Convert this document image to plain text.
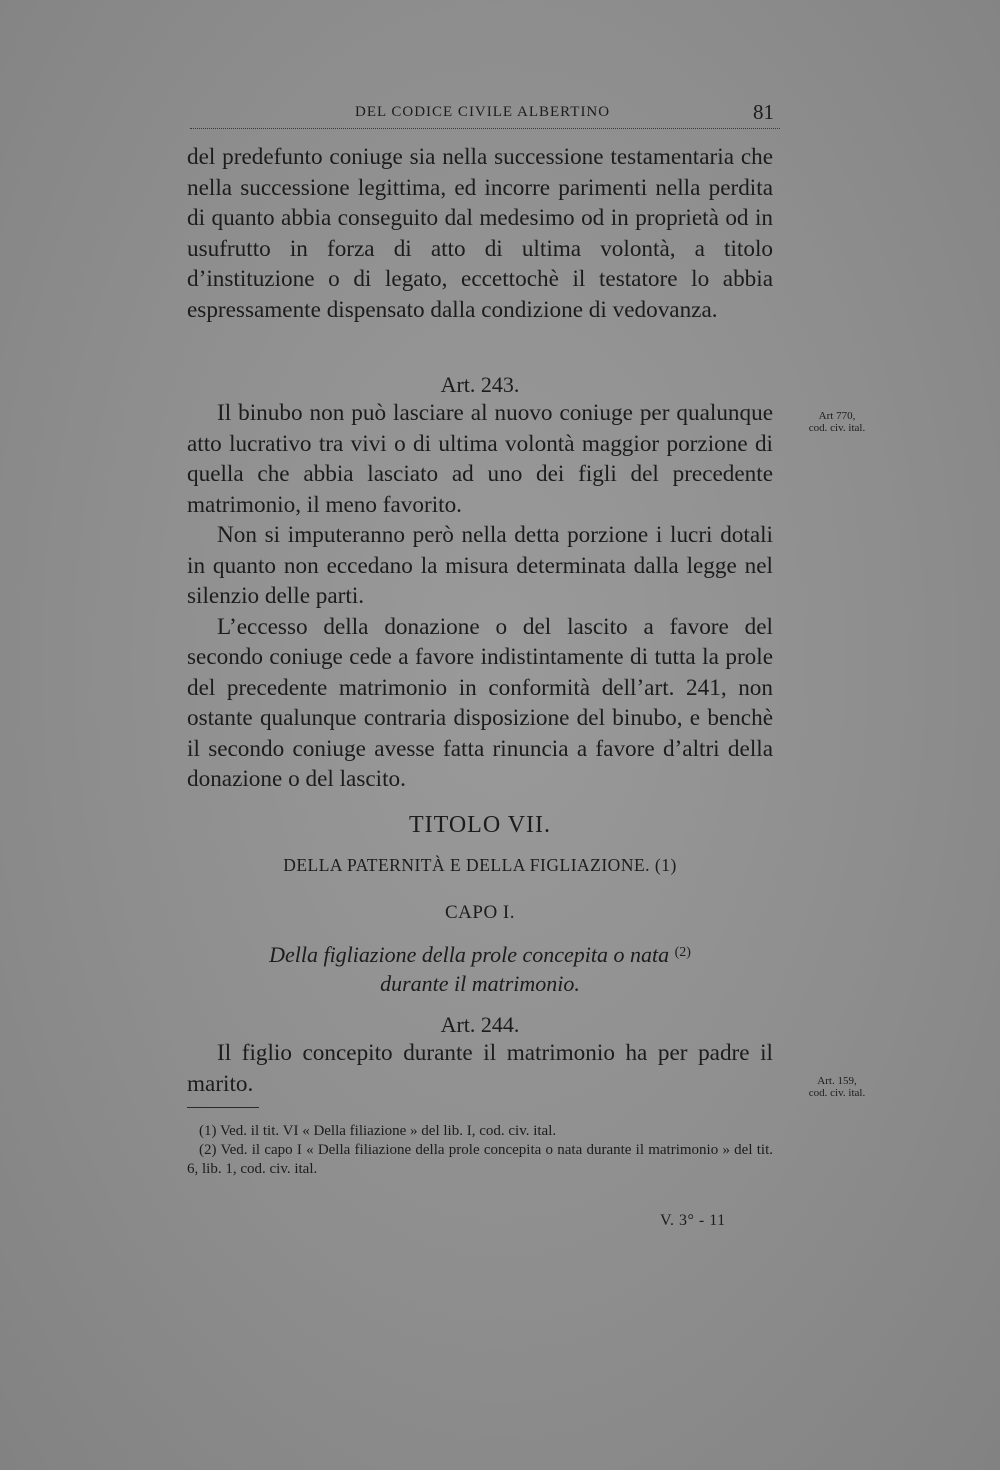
DEL CODICE CIVILE ALBERTINO	81

del predefunto coniuge sia nella successione testamentaria che nella successione legittima, ed incorre parimenti nella perdita di quanto abbia conseguito dal medesimo od in proprietà od in usufrutto in forza di atto di ultima volontà, a titolo d’instituzione o di legato, eccettochè il testatore lo abbia espressamente dispensato dalla condizione di vedovanza.

Art. 243.

Il binubo non può lasciare al nuovo coniuge per qualunque atto lucrativo tra vivi o di ultima volontà maggior porzione di quella che abbia lasciato ad uno dei figli del precedente matrimonio, il meno favorito.

Non si imputeranno però nella detta porzione i lucri dotali in quanto non eccedano la misura determinata dalla legge nel silenzio delle parti.

L’eccesso della donazione o del lascito a favore del secondo coniuge cede a favore indistintamente di tutta la prole del precedente matrimonio in conformità dell’art. 241, non ostante qualunque contraria disposizione del binubo, e benchè il secondo coniuge avesse fatta rinuncia a favore d’altri della donazione o del lascito.

Art 770,
cod. civ. ital.
TITOLO VII.
DELLA PATERNITÀ E DELLA FIGLIAZIONE. (1)
CAPO I.
Della figliazione della prole concepita o nata $^{(2)}$
durante il matrimonio.
Art. 244.

Il figlio concepito durante il matrimonio ha per padre il marito.	Art. 159,
cod. civ. ital.

(1) Ved. il tit. VI « Della filiazione » del lib. I, cod. civ. ital.

(2) Ved. il capo I « Della filiazione della prole concepita o nata durante il matrimonio » del tit. 6, lib. 1, cod. civ. ital.

V. 3° - 11
